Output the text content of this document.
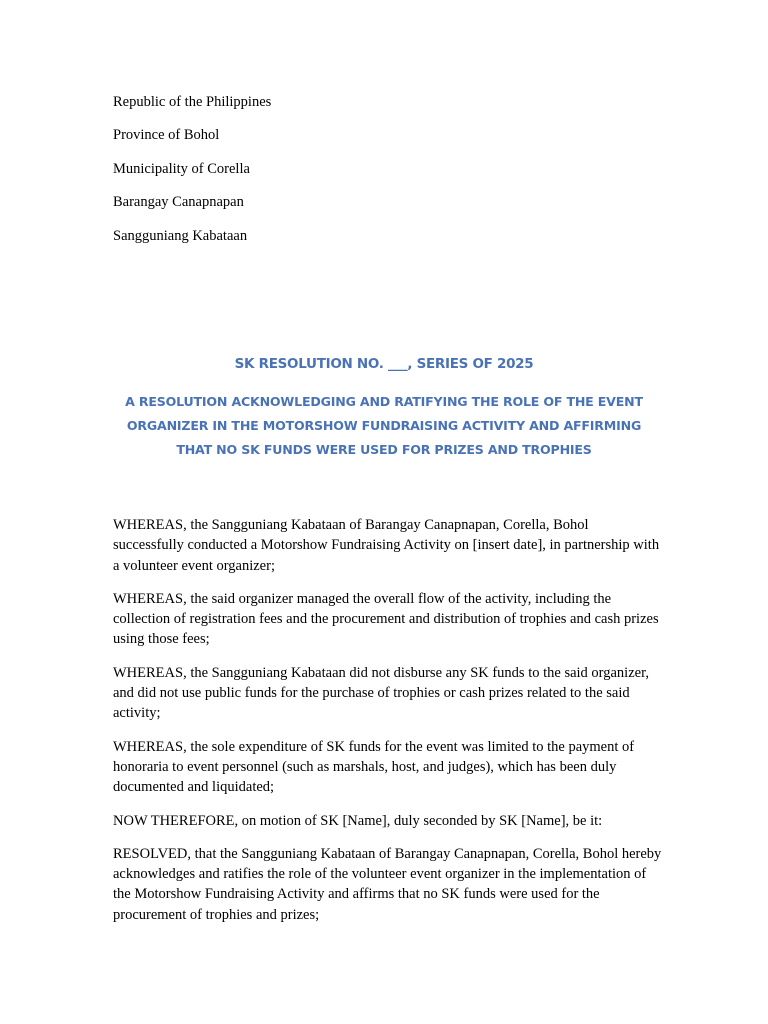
Republic of the Philippines

Province of Bohol

Municipality of Corella

Barangay Canapnapan

Sangguniang Kabataan

SK RESOLUTION NO. ___, SERIES OF 2025

A RESOLUTION ACKNOWLEDGING AND RATIFYING THE ROLE OF THE EVENT ORGANIZER IN THE MOTORSHOW FUNDRAISING ACTIVITY AND AFFIRMING THAT NO SK FUNDS WERE USED FOR PRIZES AND TROPHIES

WHEREAS, the Sangguniang Kabataan of Barangay Canapnapan, Corella, Bohol successfully conducted a Motorshow Fundraising Activity on [insert date], in partnership with a volunteer event organizer;

WHEREAS, the said organizer managed the overall flow of the activity, including the collection of registration fees and the procurement and distribution of trophies and cash prizes using those fees;

WHEREAS, the Sangguniang Kabataan did not disburse any SK funds to the said organizer, and did not use public funds for the purchase of trophies or cash prizes related to the said activity;

WHEREAS, the sole expenditure of SK funds for the event was limited to the payment of honoraria to event personnel (such as marshals, host, and judges), which has been duly documented and liquidated;

NOW THEREFORE, on motion of SK [Name], duly seconded by SK [Name], be it:

RESOLVED, that the Sangguniang Kabataan of Barangay Canapnapan, Corella, Bohol hereby acknowledges and ratifies the role of the volunteer event organizer in the implementation of the Motorshow Fundraising Activity and affirms that no SK funds were used for the procurement of trophies and prizes;
